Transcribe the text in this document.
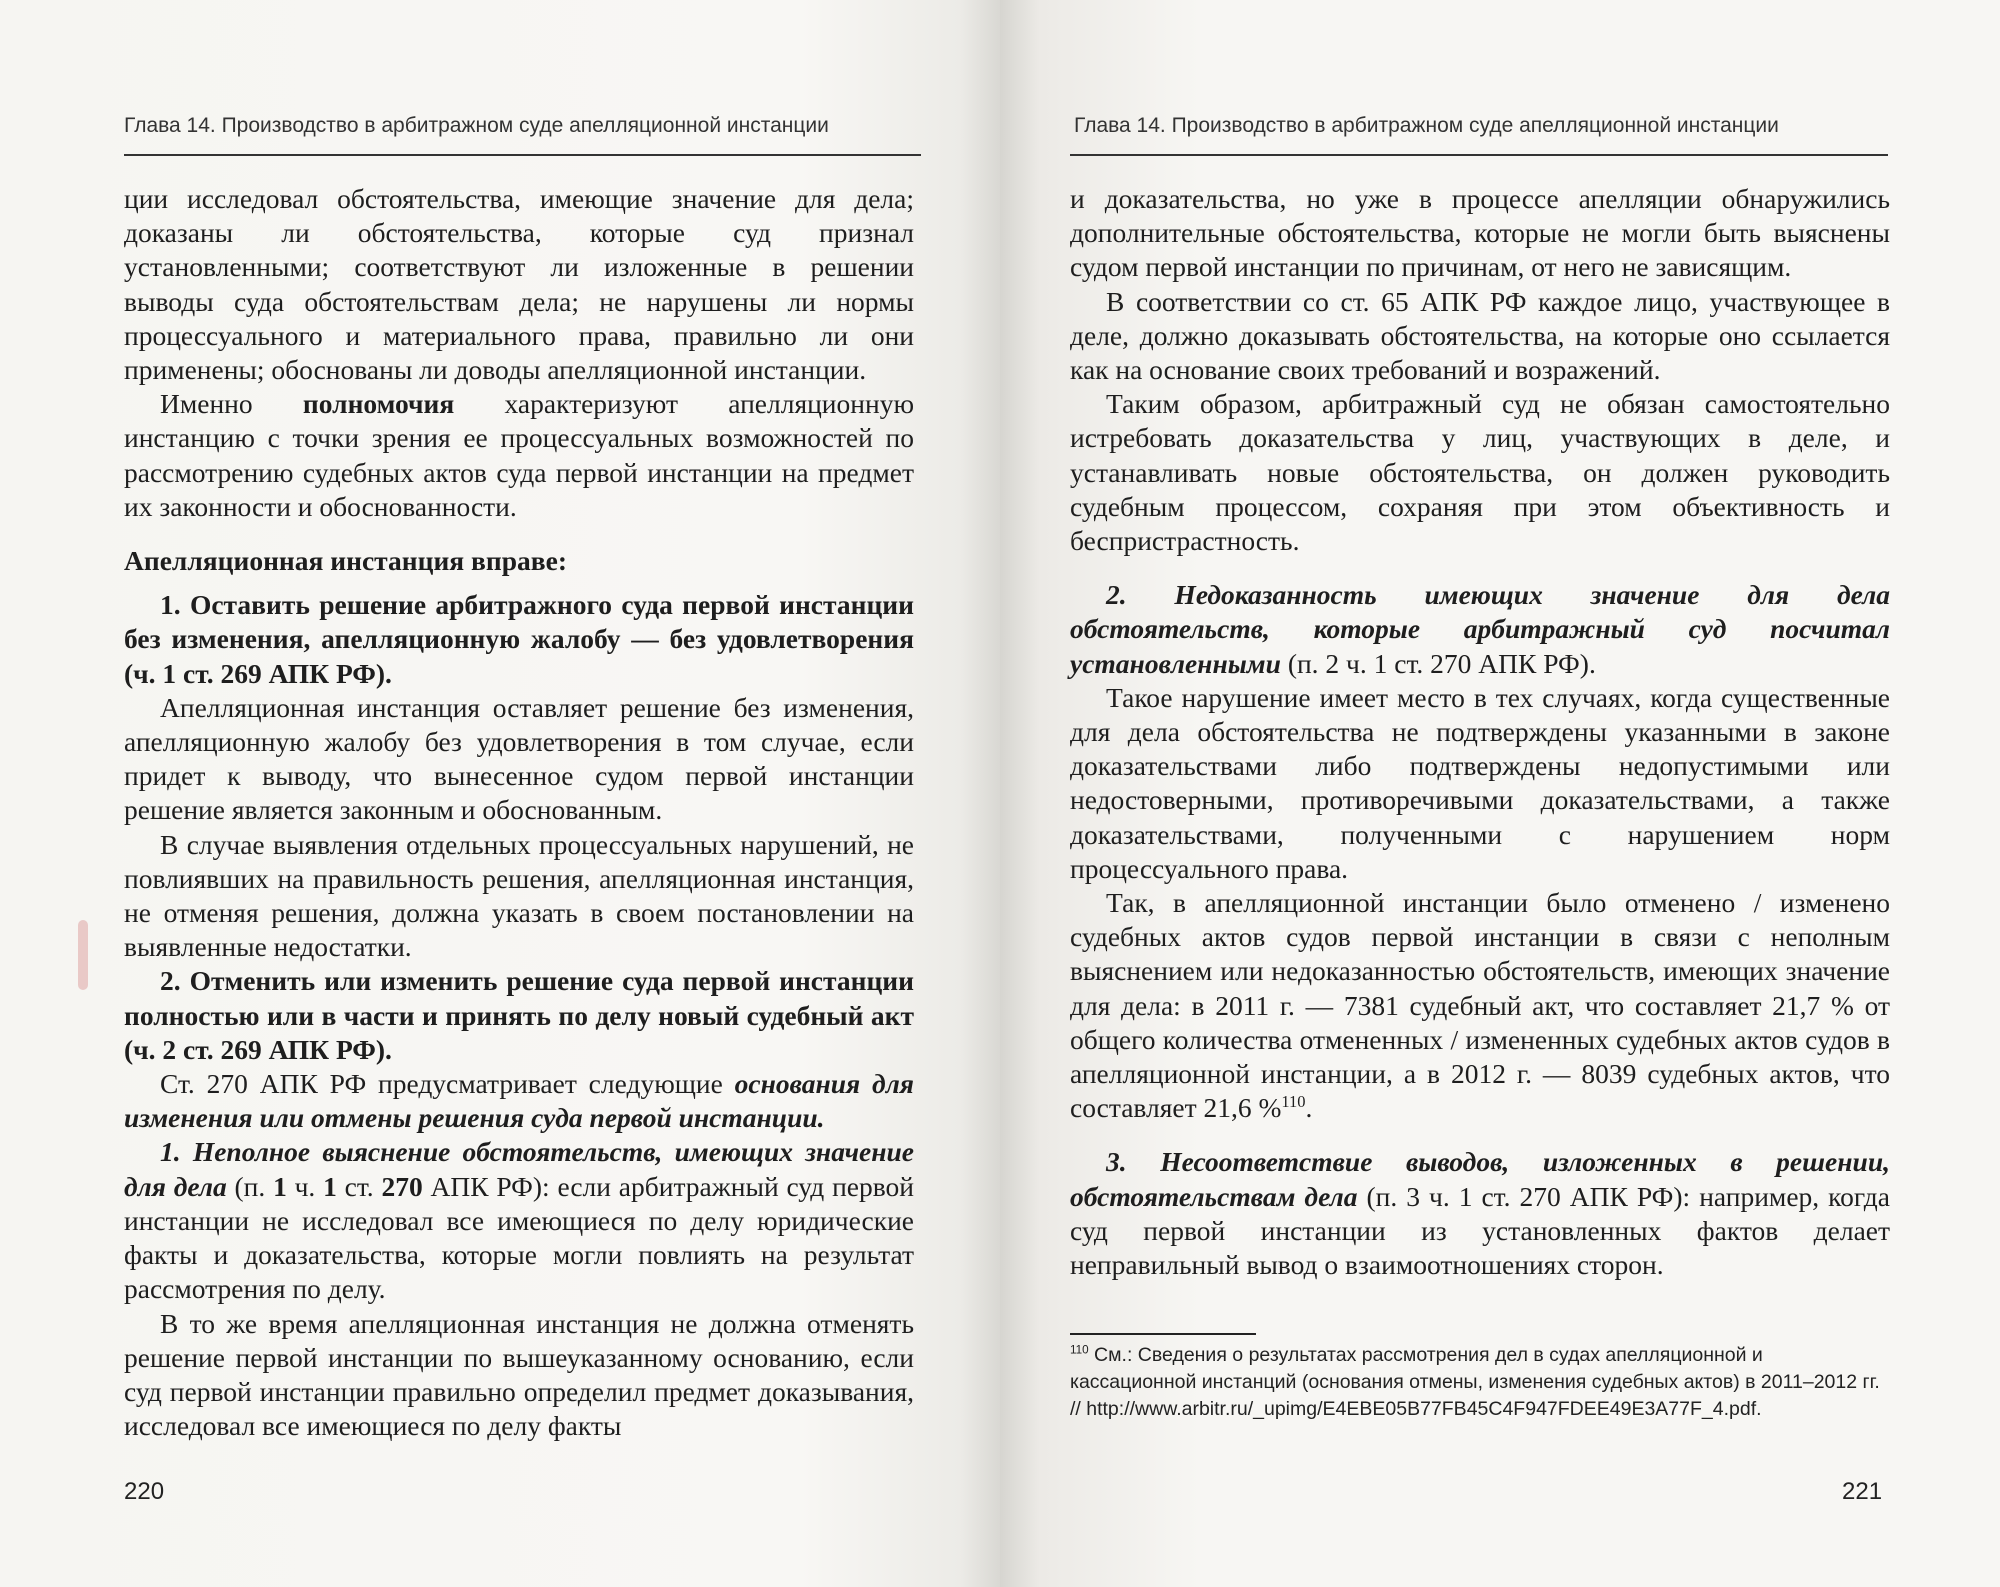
Глава 14. Производство в арбитражном суде апелляционной инстанции

ции исследовал обстоятельства, имеющие значение для дела; доказаны ли обстоятельства, которые суд признал установленными; соответствуют ли изложенные в решении выводы суда обстоятельствам дела; не нарушены ли нормы процессуального и материального права, правильно ли они применены; обоснованы ли доводы апелляционной инстанции.

Именно полномочия характеризуют апелляционную инстанцию с точки зрения ее процессуальных возможностей по рассмотрению судебных актов суда первой инстанции на предмет их законности и обоснованности.

Апелляционная инстанция вправе:

1. Оставить решение арбитражного суда первой инстанции без изменения, апелляционную жалобу — без удовлетворения (ч. 1 ст. 269 АПК РФ).

Апелляционная инстанция оставляет решение без изменения, апелляционную жалобу без удовлетворения в том случае, если придет к выводу, что вынесенное судом первой инстанции решение является законным и обоснованным.

В случае выявления отдельных процессуальных нарушений, не повлиявших на правильность решения, апелляционная инстанция, не отменяя решения, должна указать в своем постановлении на выявленные недостатки.

2. Отменить или изменить решение суда первой инстанции полностью или в части и принять по делу новый судебный акт (ч. 2 ст. 269 АПК РФ).

Ст. 270 АПК РФ предусматривает следующие основания для изменения или отмены решения суда первой инстанции.

1. Неполное выяснение обстоятельств, имеющих значение для дела (п. 1 ч. 1 ст. 270 АПК РФ): если арбитражный суд первой инстанции не исследовал все имеющиеся по делу юридические факты и доказательства, которые могли повлиять на результат рассмотрения по делу.

В то же время апелляционная инстанция не должна отменять решение первой инстанции по вышеуказанному основанию, если суд первой инстанции правильно определил предмет доказывания, исследовал все имеющиеся по делу факты

220
Глава 14. Производство в арбитражном суде апелляционной инстанции

и доказательства, но уже в процессе апелляции обнаружились дополнительные обстоятельства, которые не могли быть выяснены судом первой инстанции по причинам, от него не зависящим.

В соответствии со ст. 65 АПК РФ каждое лицо, участвующее в деле, должно доказывать обстоятельства, на которые оно ссылается как на основание своих требований и возражений.

Таким образом, арбитражный суд не обязан самостоятельно истребовать доказательства у лиц, участвующих в деле, и устанавливать новые обстоятельства, он должен руководить судебным процессом, сохраняя при этом объективность и беспристрастность.

2. Недоказанность имеющих значение для дела обстоятельств, которые арбитражный суд посчитал установленными (п. 2 ч. 1 ст. 270 АПК РФ).

Такое нарушение имеет место в тех случаях, когда существенные для дела обстоятельства не подтверждены указанными в законе доказательствами либо подтверждены недопустимыми или недостоверными, противоречивыми доказательствами, а также доказательствами, полученными с нарушением норм процессуального права.

Так, в апелляционной инстанции было отменено / изменено судебных актов судов первой инстанции в связи с неполным выяснением или недоказанностью обстоятельств, имеющих значение для дела: в 2011 г. — 7381 судебный акт, что составляет 21,7 % от общего количества отмененных / измененных судебных актов судов в апелляционной инстанции, а в 2012 г. — 8039 судебных актов, что составляет 21,6 %$^{110}$.

3. Несоответствие выводов, изложенных в решении, обстоятельствам дела (п. 3 ч. 1 ст. 270 АПК РФ): например, когда суд первой инстанции из установленных фактов делает неправильный вывод о взаимоотношениях сторон.

$^{110}$ См.: Сведения о результатах рассмотрения дел в судах апелляционной и кассационной инстанций (основания отмены, изменения судебных актов) в 2011–2012 гг. // http://www.arbitr.ru/_upimg/E4EBE05B77FB45C4F947FDEE49E3A77F_4.pdf.
221
